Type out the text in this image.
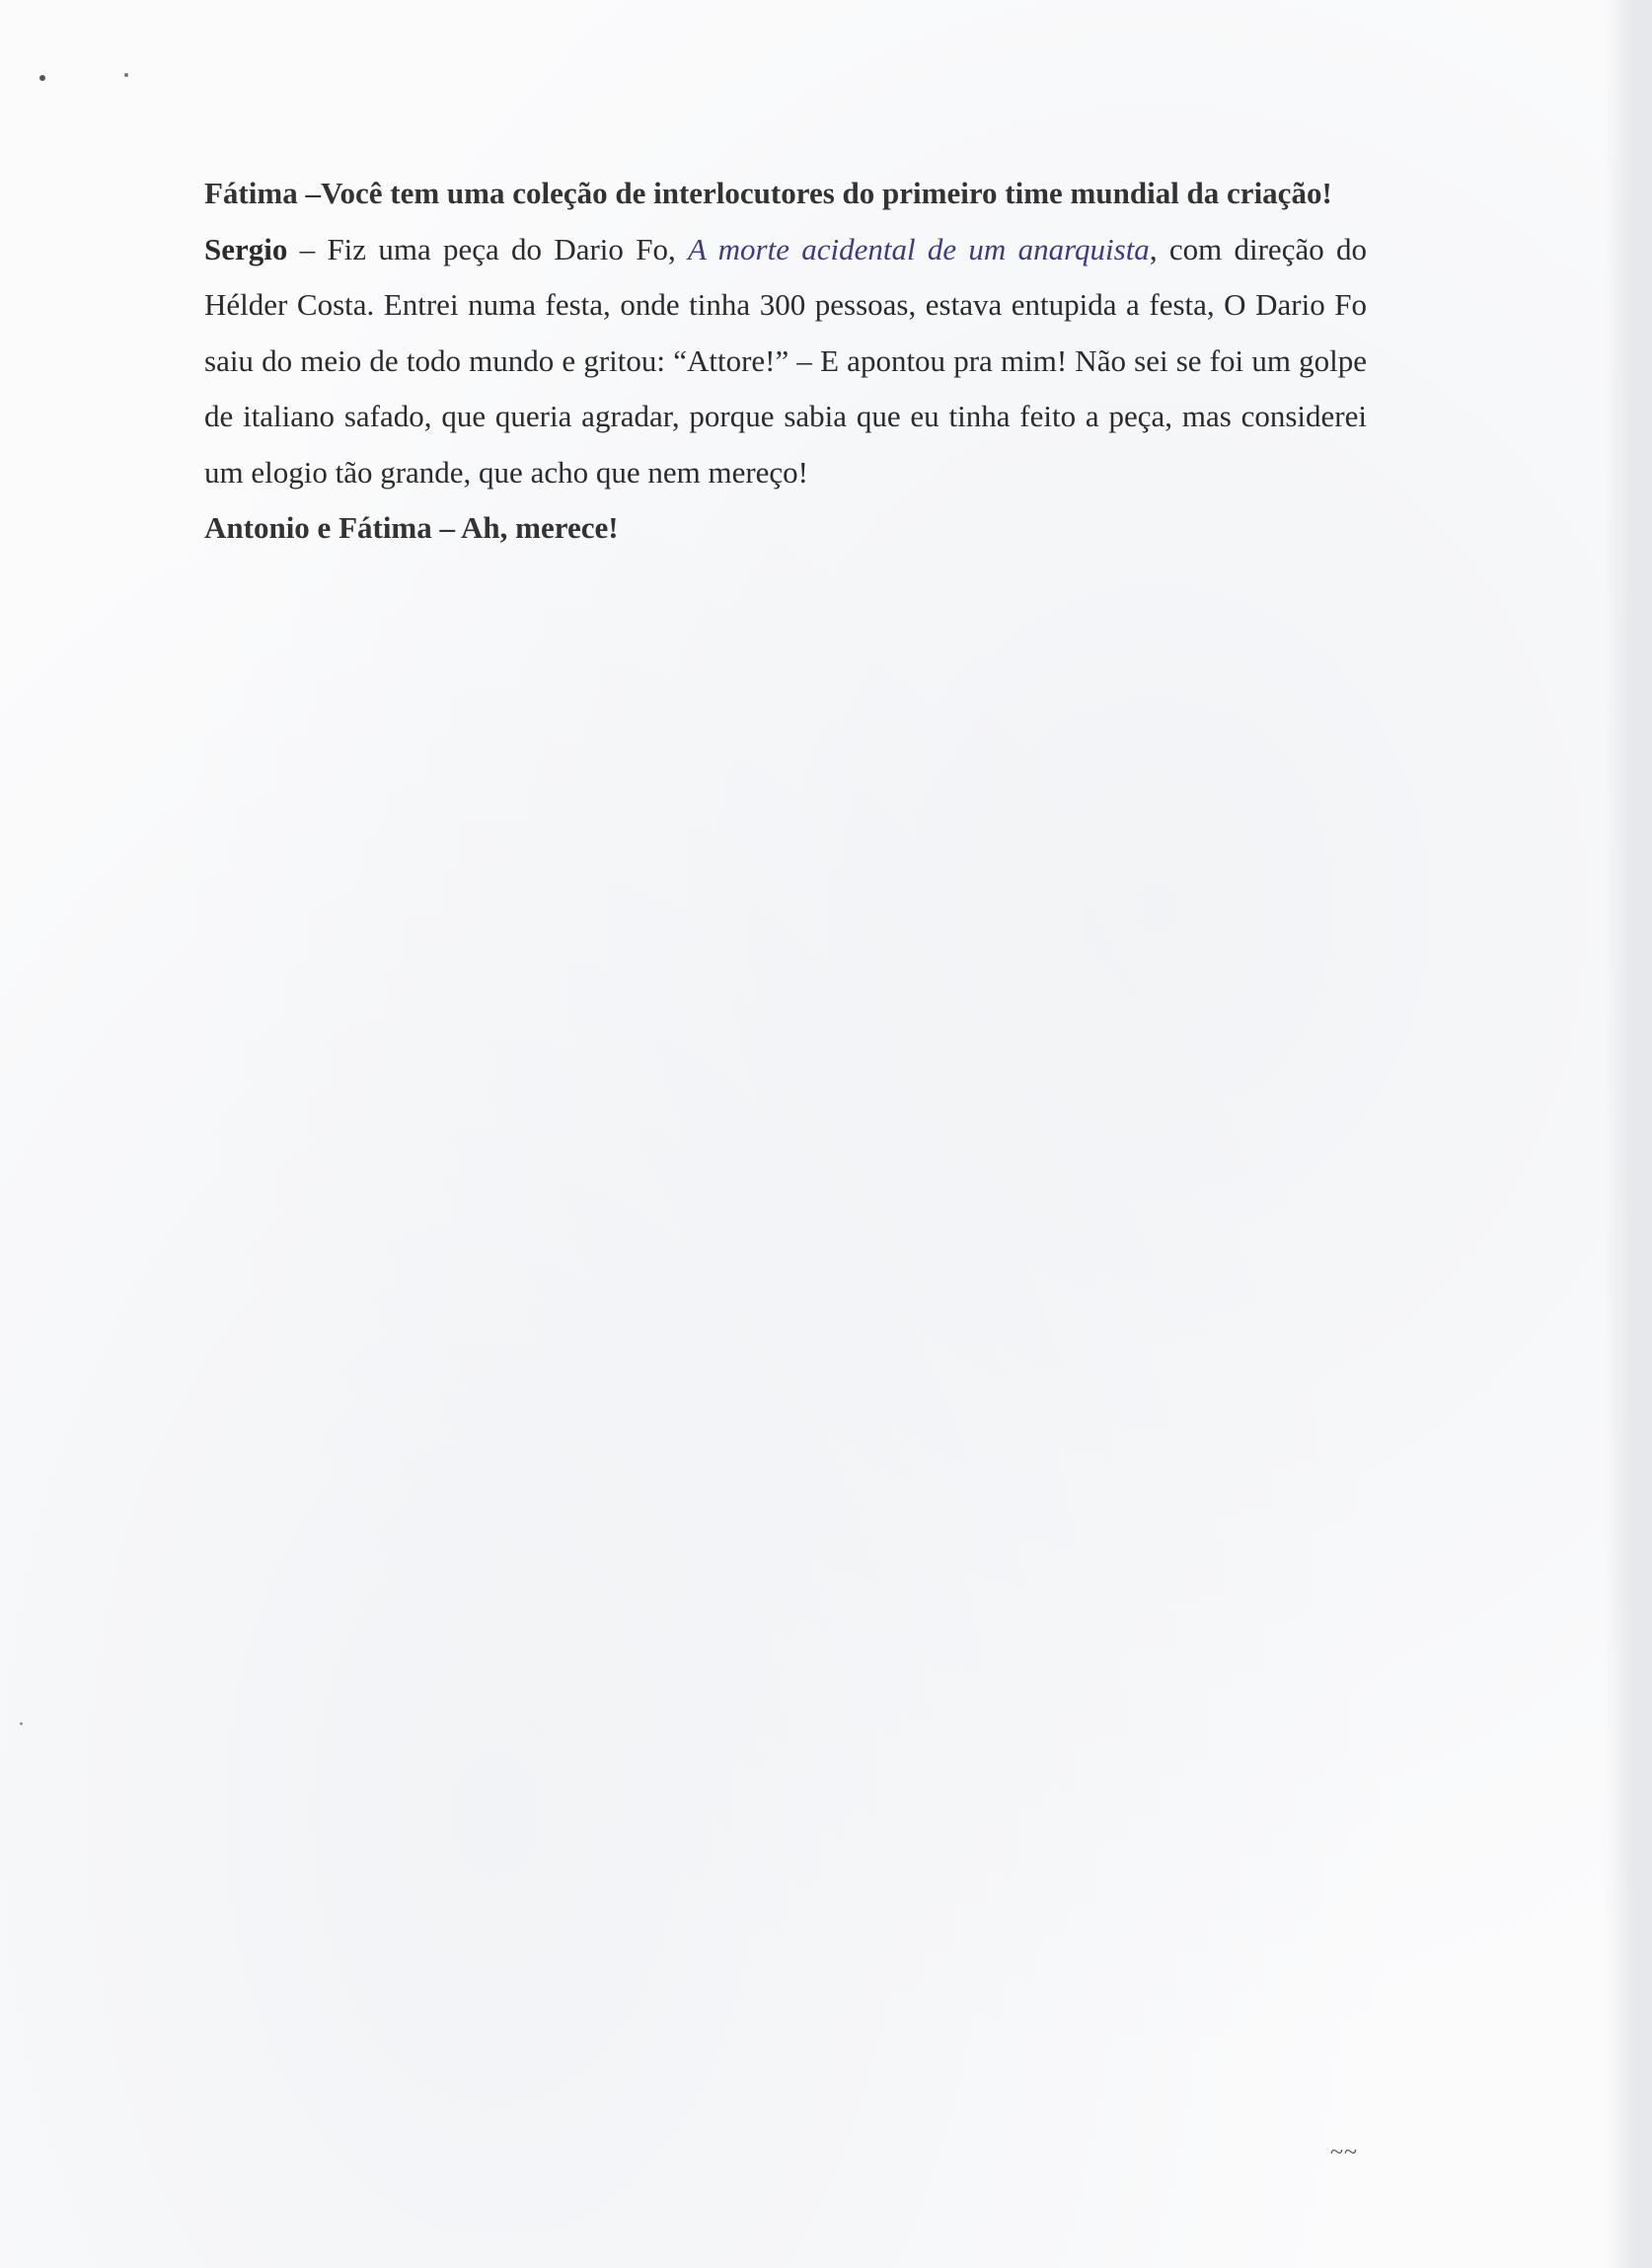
Fátima –Você tem uma coleção de interlocutores do primeiro time mundial da criação!

Sergio – Fiz uma peça do Dario Fo, A morte acidental de um anarquista, com direção do Hélder Costa. Entrei numa festa, onde tinha 300 pessoas, estava entupida a festa, O Dario Fo saiu do meio de todo mundo e gritou: “Attore!” – E apontou pra mim! Não sei se foi um golpe de italiano safado, que queria agradar, porque sabia que eu tinha feito a peça, mas considerei um elogio tão grande, que acho que nem mereço!

Antonio e Fátima – Ah, merece!

~~
